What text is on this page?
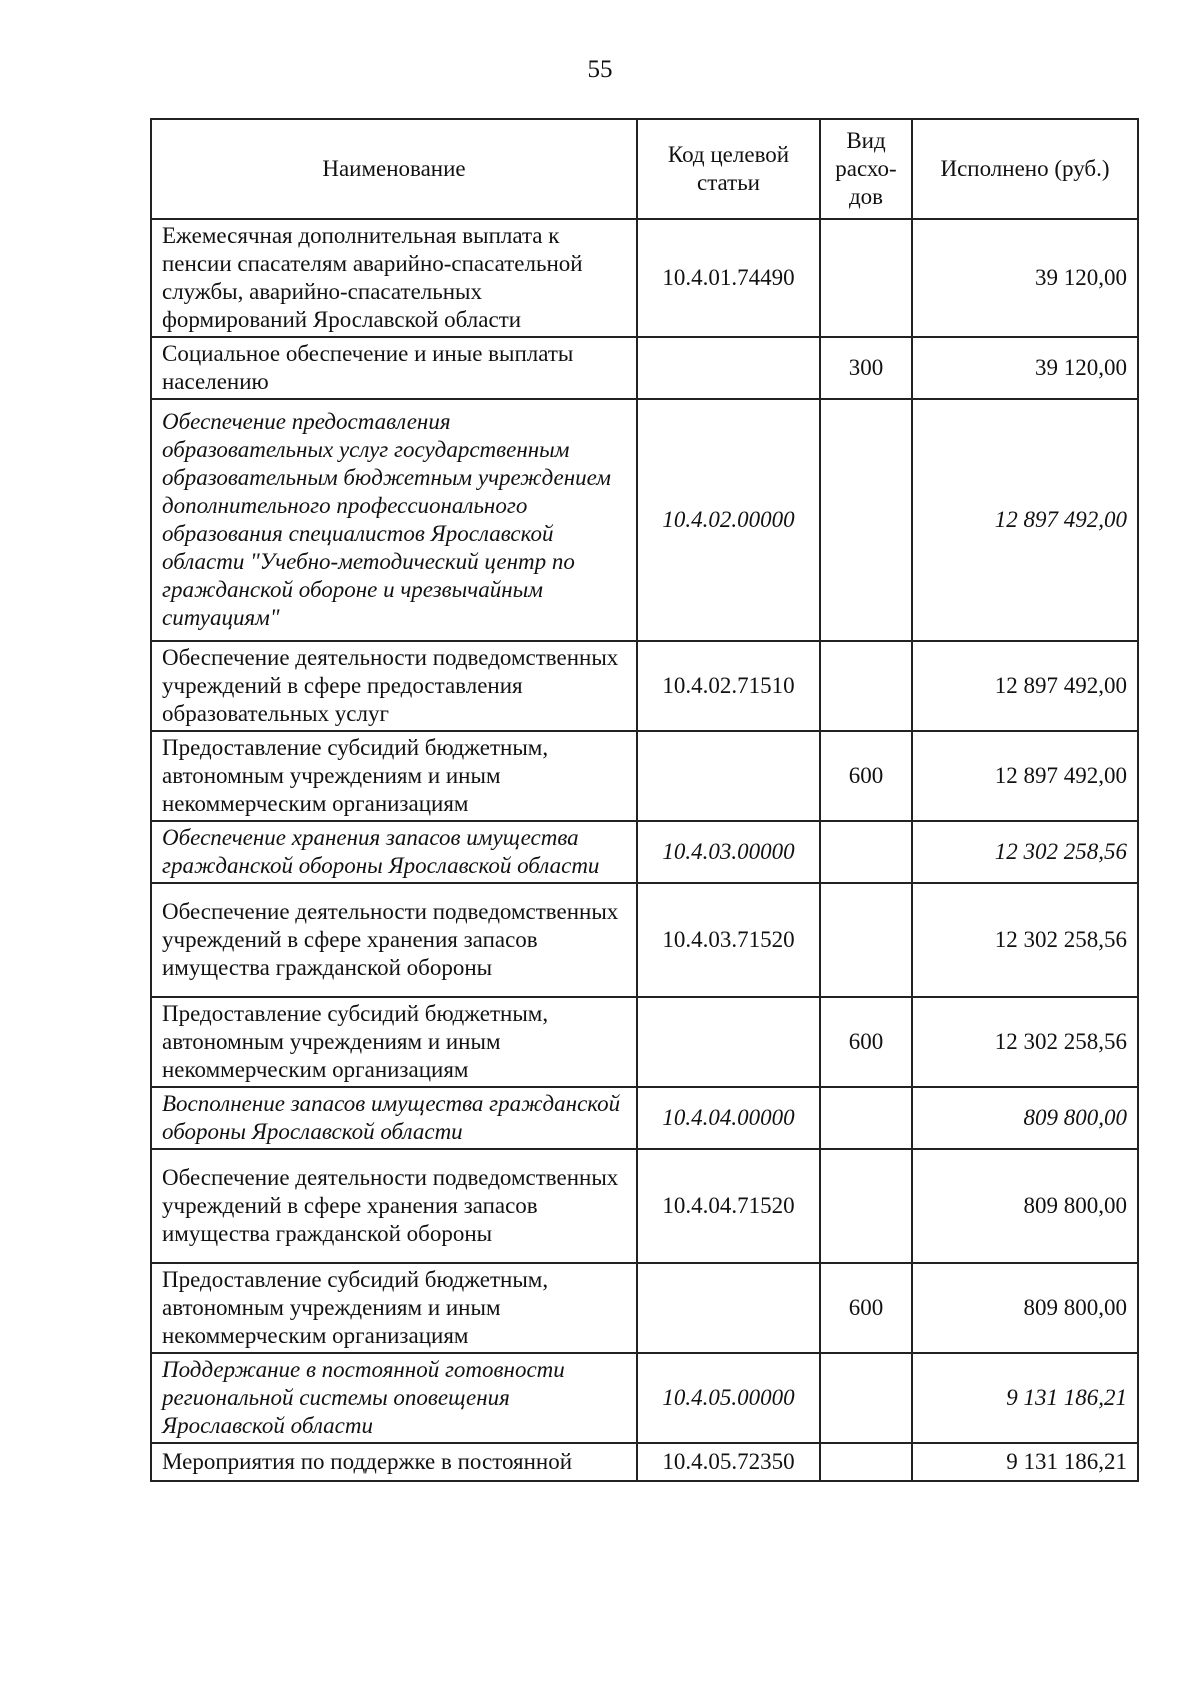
55
Наименование	Код целевой статьи	Вид расхо-дов	Исполнено (руб.)
Ежемесячная дополнительная выплата к пенсии спасателям аварийно-спасательной службы, аварийно-спасательных формирований Ярославской области	10.4.01.74490		39 120,00
Социальное обеспечение и иные выплаты населению		300	39 120,00
Обеспечение предоставления образовательных услуг государственным образовательным бюджетным учреждением дополнительного профессионального образования специалистов Ярославской области "Учебно-методический центр по гражданской обороне и чрезвычайным ситуациям"	10.4.02.00000		12 897 492,00
Обеспечение деятельности подведомственных учреждений в сфере предоставления образовательных услуг	10.4.02.71510		12 897 492,00
Предоставление субсидий бюджетным, автономным учреждениям и иным некоммерческим организациям		600	12 897 492,00
Обеспечение хранения запасов имущества гражданской обороны Ярославской области	10.4.03.00000		12 302 258,56
Обеспечение деятельности подведомственных учреждений в сфере хранения запасов имущества гражданской обороны	10.4.03.71520		12 302 258,56
Предоставление субсидий бюджетным, автономным учреждениям и иным некоммерческим организациям		600	12 302 258,56
Восполнение запасов имущества гражданской обороны Ярославской области	10.4.04.00000		809 800,00
Обеспечение деятельности подведомственных учреждений в сфере хранения запасов имущества гражданской обороны	10.4.04.71520		809 800,00
Предоставление субсидий бюджетным, автономным учреждениям и иным некоммерческим организациям		600	809 800,00
Поддержание в постоянной готовности региональной системы оповещения Ярославской области	10.4.05.00000		9 131 186,21
Мероприятия по поддержке в постоянной	10.4.05.72350		9 131 186,21
